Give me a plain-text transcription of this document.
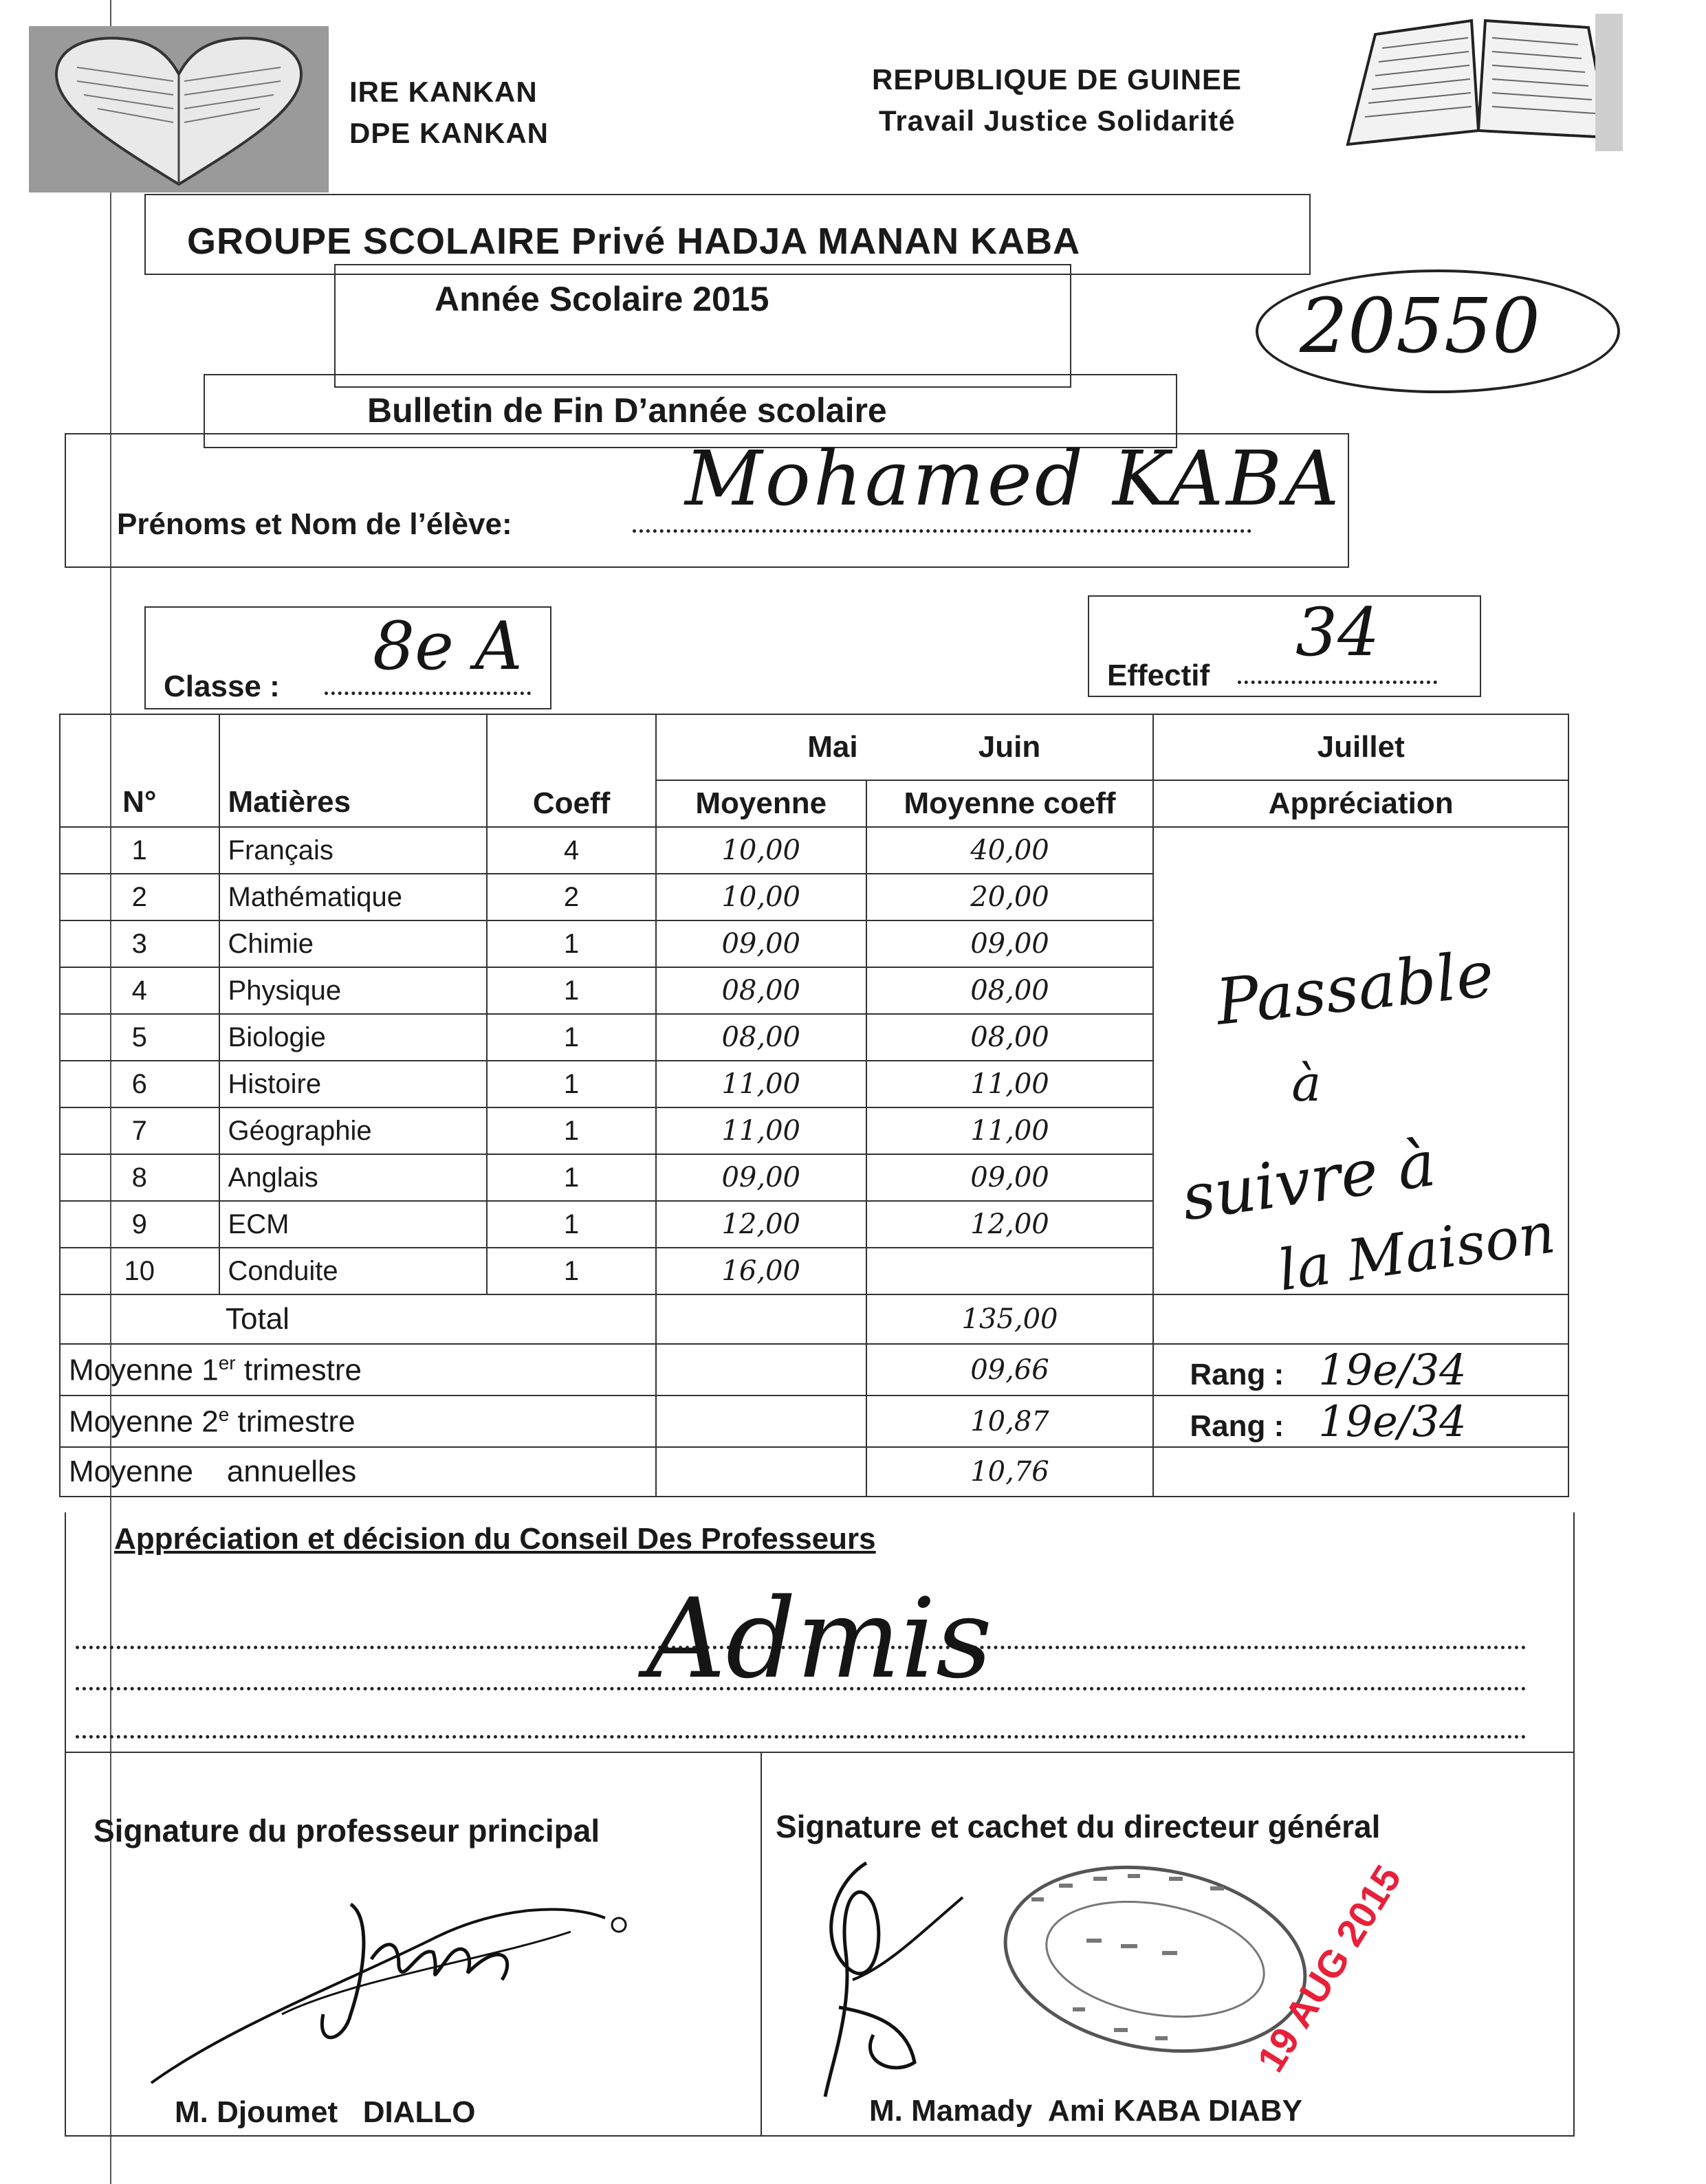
IRE KANKAN
DPE KANKAN
REPUBLIQUE DE GUINEE
Travail Justice Solidarité
GROUPE SCOLAIRE Privé HADJA MANAN KABA
Année Scolaire 2015	20550
Bulletin de Fin D’année scolaire
Prénoms et Nom de l’élève:
Mohamed KABA
Classe :
8e A	Effectif
34
N°	Matières		Mai	Juin	Juillet
		Coeff	Moyenne	Moyenne coeff	Appréciation
1	Français	4	10,00	40,00	Passable
à
suivre à
la Maison

2	Mathématique	2	10,00	20,00	
3	Chimie	1	09,00	09,00	
4	Physique	1	08,00	08,00	
5	Biologie	1	08,00	08,00	
6	Histoire	1	11,00	11,00	
7	Géographie	1	11,00	11,00	
8	Anglais	1	09,00	09,00	
9	ECM	1	12,00	12,00	
10	Conduite	1	16,00		
Total				135,00	
Moyenne 1er trimestre				09,66	Rang : 19e/34
Moyenne 2e trimestre				10,87	Rang : 19e/34
Moyenne    annuelles				10,76	
Appréciation et décision du Conseil Des Professeurs
Admis
Signature du professeur principal	Signature et cachet du directeur général
19 AUG 2015
M. Djoumet   DIALLO	M. Mamady  Ami KABA DIABY
